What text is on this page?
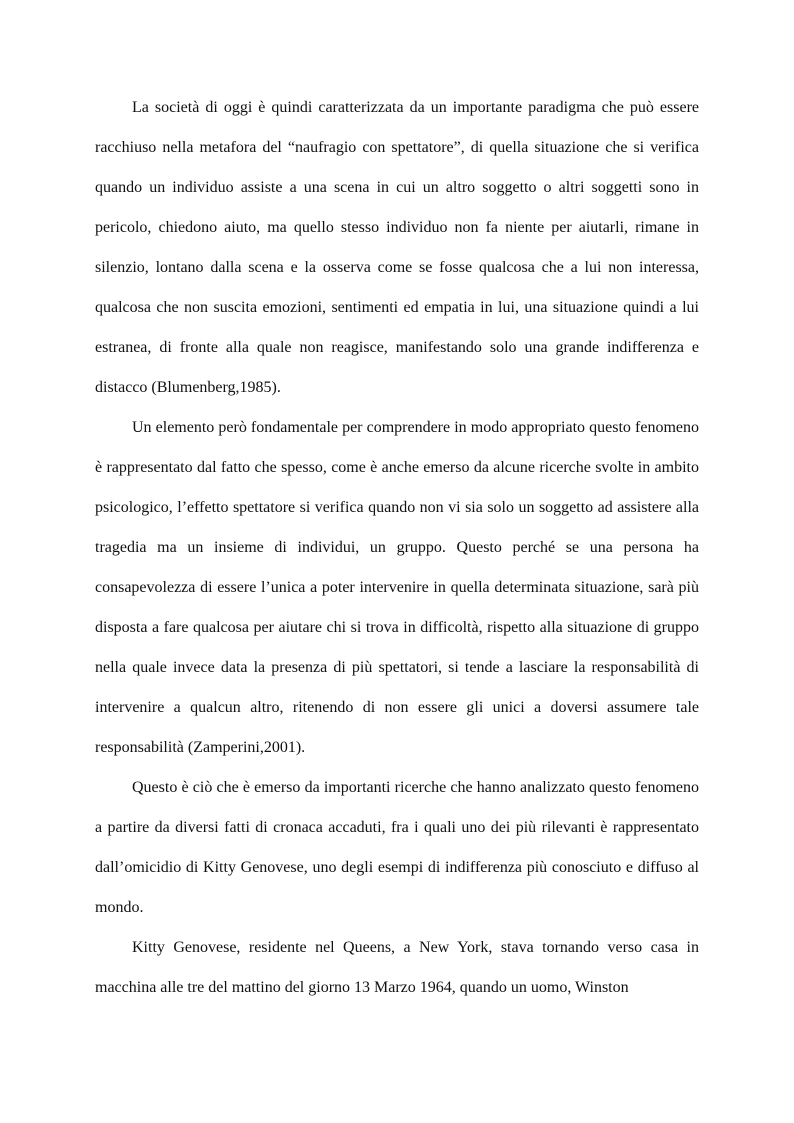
La società di oggi è quindi caratterizzata da un importante paradigma che può essere racchiuso nella metafora del “naufragio con spettatore”, di quella situazione che si verifica quando un individuo assiste a una scena in cui un altro soggetto o altri soggetti sono in pericolo, chiedono aiuto, ma quello stesso individuo non fa niente per aiutarli, rimane in silenzio, lontano dalla scena e la osserva come se fosse qualcosa che a lui non interessa, qualcosa che non suscita emozioni, sentimenti ed empatia in lui, una situazione quindi a lui estranea, di fronte alla quale non reagisce, manifestando solo una grande indifferenza e distacco (Blumenberg,1985).

Un elemento però fondamentale per comprendere in modo appropriato questo fenomeno è rappresentato dal fatto che spesso, come è anche emerso da alcune ricerche svolte in ambito psicologico, l’effetto spettatore si verifica quando non vi sia solo un soggetto ad assistere alla tragedia ma un insieme di individui, un gruppo. Questo perché se una persona ha consapevolezza di essere l’unica a poter intervenire in quella determinata situazione, sarà più disposta a fare qualcosa per aiutare chi si trova in difficoltà, rispetto alla situazione di gruppo nella quale invece data la presenza di più spettatori, si tende a lasciare la responsabilità di intervenire a qualcun altro, ritenendo di non essere gli unici a doversi assumere tale responsabilità (Zamperini,2001).

Questo è ciò che è emerso da importanti ricerche che hanno analizzato questo fenomeno a partire da diversi fatti di cronaca accaduti, fra i quali uno dei più rilevanti è rappresentato dall’omicidio di Kitty Genovese, uno degli esempi di indifferenza più conosciuto e diffuso al mondo.

Kitty Genovese, residente nel Queens, a New York, stava tornando verso casa in macchina alle tre del mattino del giorno 13 Marzo 1964, quando un uomo, Winston
